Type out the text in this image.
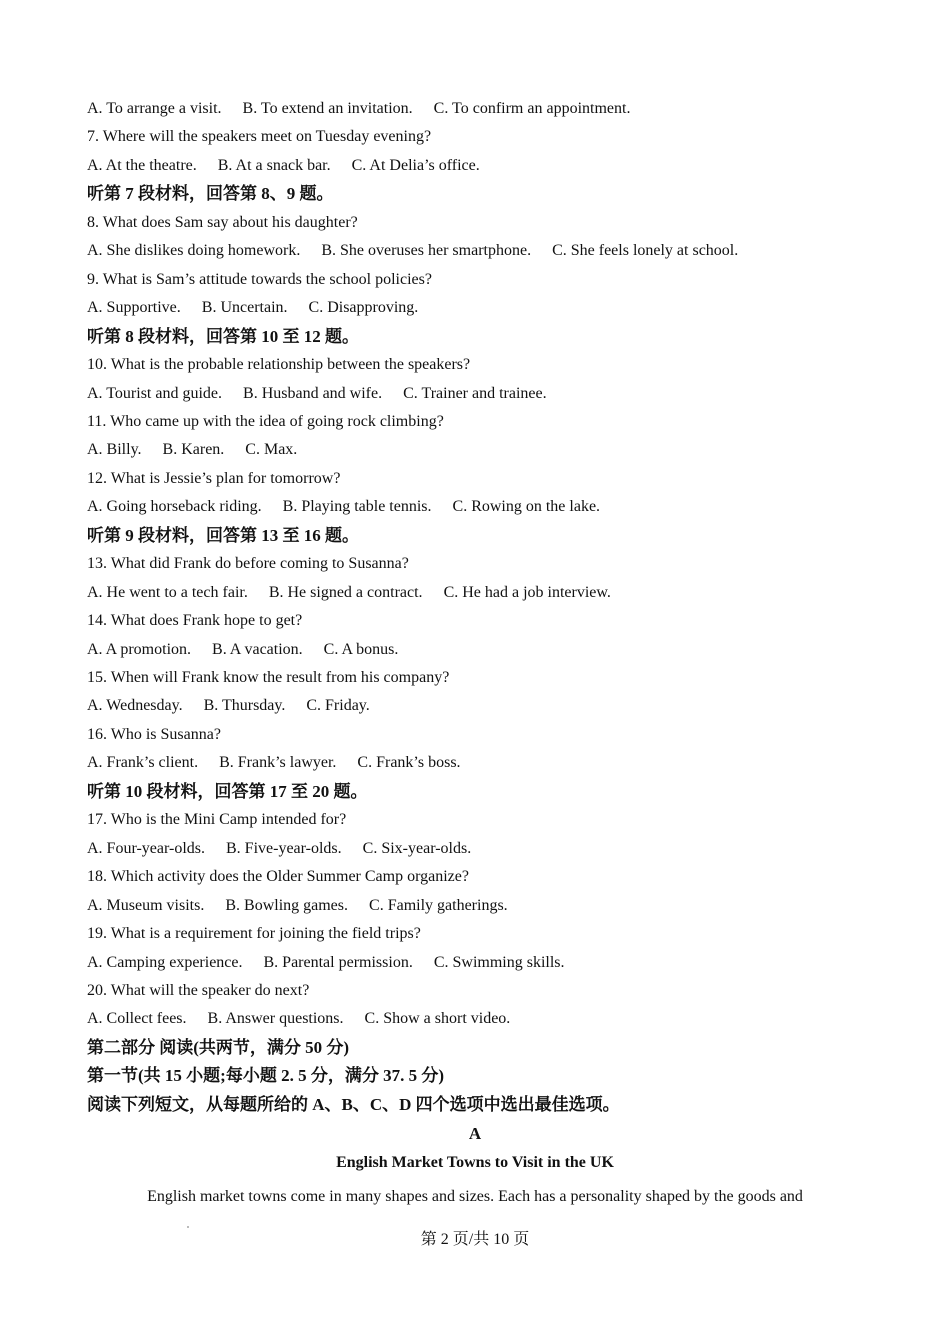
A. To arrange a visit. B. To extend an invitation. C. To confirm an appointment.
7. Where will the speakers meet on Tuesday evening?
A. At the theatre. B. At a snack bar. C. At Delia’s office.
听第 7 段材料，回答第 8、9 题。
8. What does Sam say about his daughter?
A. She dislikes doing homework. B. She overuses her smartphone. C. She feels lonely at school.
9. What is Sam’s attitude towards the school policies?
A. Supportive. B. Uncertain. C. Disapproving.
听第 8 段材料，回答第 10 至 12 题。
10. What is the probable relationship between the speakers?
A. Tourist and guide. B. Husband and wife. C. Trainer and trainee.
11. Who came up with the idea of going rock climbing?
A. Billy. B. Karen. C. Max.
12. What is Jessie’s plan for tomorrow?
A. Going horseback riding. B. Playing table tennis. C. Rowing on the lake.
听第 9 段材料，回答第 13 至 16 题。
13. What did Frank do before coming to Susanna?
A. He went to a tech fair. B. He signed a contract. C. He had a job interview.
14. What does Frank hope to get?
A. A promotion. B. A vacation. C. A bonus.
15. When will Frank know the result from his company?
A. Wednesday. B. Thursday. C. Friday.
16. Who is Susanna?
A. Frank’s client. B. Frank’s lawyer. C. Frank’s boss.
听第 10 段材料，回答第 17 至 20 题。
17. Who is the Mini Camp intended for?
A. Four-year-olds. B. Five-year-olds. C. Six-year-olds.
18. Which activity does the Older Summer Camp organize?
A. Museum visits. B. Bowling games. C. Family gatherings.
19. What is a requirement for joining the field trips?
A. Camping experience. B. Parental permission. C. Swimming skills.
20. What will the speaker do next?
A. Collect fees. B. Answer questions. C. Show a short video.
第二部分 阅读(共两节，满分 50 分)
第一节(共 15 小题;每小题 2. 5 分，满分 37. 5 分)
阅读下列短文，从每题所给的 A、B、C、D 四个选项中选出最佳选项。
A
English Market Towns to Visit in the UK
English market towns come in many shapes and sizes. Each has a personality shaped by the goods and
第 2 页/共 10 页
